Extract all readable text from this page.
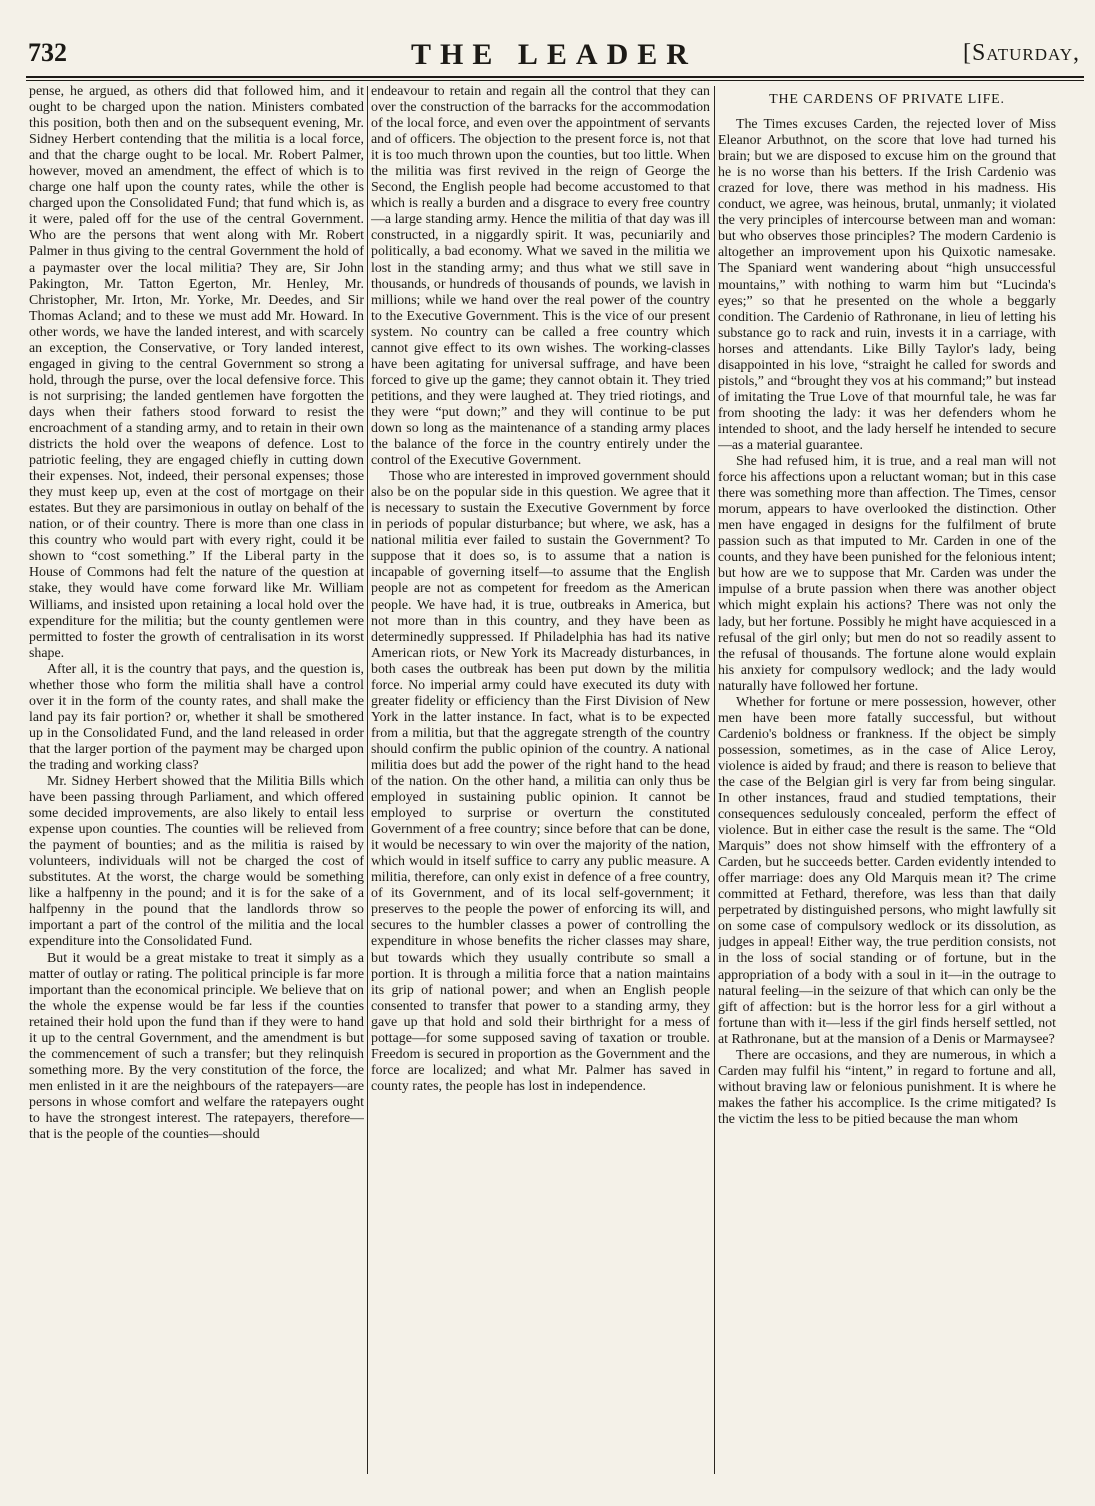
732	THE LEADER	[Saturday,

pense, he argued, as others did that followed him, and it ought to be charged upon the nation. Ministers combated this position, both then and on the subsequent evening, Mr. Sidney Herbert contending that the militia is a local force, and that the charge ought to be local. Mr. Robert Palmer, however, moved an amendment, the effect of which is to charge one half upon the county rates, while the other is charged upon the Consolidated Fund; that fund which is, as it were, paled off for the use of the central Government. Who are the persons that went along with Mr. Robert Palmer in thus giving to the central Government the hold of a paymaster over the local militia? They are, Sir John Pakington, Mr. Tatton Egerton, Mr. Henley, Mr. Christopher, Mr. Irton, Mr. Yorke, Mr. Deedes, and Sir Thomas Acland; and to these we must add Mr. Howard. In other words, we have the landed interest, and with scarcely an exception, the Conservative, or Tory landed interest, engaged in giving to the central Government so strong a hold, through the purse, over the local defensive force. This is not surprising; the landed gentlemen have forgotten the days when their fathers stood forward to resist the encroachment of a standing army, and to retain in their own districts the hold over the weapons of defence. Lost to patriotic feeling, they are engaged chiefly in cutting down their expenses. Not, indeed, their personal expenses; those they must keep up, even at the cost of mortgage on their estates. But they are parsimonious in outlay on behalf of the nation, or of their country. There is more than one class in this country who would part with every right, could it be shown to “cost something.” If the Liberal party in the House of Commons had felt the nature of the question at stake, they would have come forward like Mr. William Williams, and insisted upon retaining a local hold over the expenditure for the militia; but the county gentlemen were permitted to foster the growth of centralisation in its worst shape.

After all, it is the country that pays, and the question is, whether those who form the militia shall have a control over it in the form of the county rates, and shall make the land pay its fair portion? or, whether it shall be smothered up in the Consolidated Fund, and the land released in order that the larger portion of the payment may be charged upon the trading and working class?

Mr. Sidney Herbert showed that the Militia Bills which have been passing through Parliament, and which offered some decided improvements, are also likely to entail less expense upon counties. The counties will be relieved from the payment of bounties; and as the militia is raised by volunteers, individuals will not be charged the cost of substitutes. At the worst, the charge would be something like a halfpenny in the pound; and it is for the sake of a halfpenny in the pound that the landlords throw so important a part of the control of the militia and the local expenditure into the Consolidated Fund.

But it would be a great mistake to treat it simply as a matter of outlay or rating. The political principle is far more important than the economical principle. We believe that on the whole the expense would be far less if the counties retained their hold upon the fund than if they were to hand it up to the central Government, and the amendment is but the commencement of such a transfer; but they relinquish something more. By the very constitution of the force, the men enlisted in it are the neighbours of the ratepayers—are persons in whose comfort and welfare the ratepayers ought to have the strongest interest. The ratepayers, therefore—that is the people of the counties—should

endeavour to retain and regain all the control that they can over the construction of the barracks for the accommodation of the local force, and even over the appointment of servants and of officers. The objection to the present force is, not that it is too much thrown upon the counties, but too little. When the militia was first revived in the reign of George the Second, the English people had become accustomed to that which is really a burden and a disgrace to every free country—a large standing army. Hence the militia of that day was ill constructed, in a niggardly spirit. It was, pecuniarily and politically, a bad economy. What we saved in the militia we lost in the standing army; and thus what we still save in thousands, or hundreds of thousands of pounds, we lavish in millions; while we hand over the real power of the country to the Executive Government. This is the vice of our present system. No country can be called a free country which cannot give effect to its own wishes. The working-classes have been agitating for universal suffrage, and have been forced to give up the game; they cannot obtain it. They tried petitions, and they were laughed at. They tried riotings, and they were “put down;” and they will continue to be put down so long as the maintenance of a standing army places the balance of the force in the country entirely under the control of the Executive Government.

Those who are interested in improved government should also be on the popular side in this question. We agree that it is necessary to sustain the Executive Government by force in periods of popular disturbance; but where, we ask, has a national militia ever failed to sustain the Government? To suppose that it does so, is to assume that a nation is incapable of governing itself—to assume that the English people are not as competent for freedom as the American people. We have had, it is true, outbreaks in America, but not more than in this country, and they have been as determinedly suppressed. If Philadelphia has had its native American riots, or New York its Macready disturbances, in both cases the outbreak has been put down by the militia force. No imperial army could have executed its duty with greater fidelity or efficiency than the First Division of New York in the latter instance. In fact, what is to be expected from a militia, but that the aggregate strength of the country should confirm the public opinion of the country. A national militia does but add the power of the right hand to the head of the nation. On the other hand, a militia can only thus be employed in sustaining public opinion. It cannot be employed to surprise or overturn the constituted Government of a free country; since before that can be done, it would be necessary to win over the majority of the nation, which would in itself suffice to carry any public measure. A militia, therefore, can only exist in defence of a free country, of its Government, and of its local self-government; it preserves to the people the power of enforcing its will, and secures to the humbler classes a power of controlling the expenditure in whose benefits the richer classes may share, but towards which they usually contribute so small a portion. It is through a militia force that a nation maintains its grip of national power; and when an English people consented to transfer that power to a standing army, they gave up that hold and sold their birthright for a mess of pottage—for some supposed saving of taxation or trouble. Freedom is secured in proportion as the Government and the force are localized; and what Mr. Palmer has saved in county rates, the people has lost in independence.

THE CARDENS OF PRIVATE LIFE.

The Times excuses Carden, the rejected lover of Miss Eleanor Arbuthnot, on the score that love had turned his brain; but we are disposed to excuse him on the ground that he is no worse than his betters. If the Irish Cardenio was crazed for love, there was method in his madness. His conduct, we agree, was heinous, brutal, unmanly; it violated the very principles of intercourse between man and woman: but who observes those principles? The modern Cardenio is altogether an improvement upon his Quixotic namesake. The Spaniard went wandering about “high unsuccessful mountains,” with nothing to warm him but “Lucinda's eyes;” so that he presented on the whole a beggarly condition. The Cardenio of Rathronane, in lieu of letting his substance go to rack and ruin, invests it in a carriage, with horses and attendants. Like Billy Taylor's lady, being disappointed in his love, “straight he called for swords and pistols,” and “brought they vos at his command;” but instead of imitating the True Love of that mournful tale, he was far from shooting the lady: it was her defenders whom he intended to shoot, and the lady herself he intended to secure—as a material guarantee.

She had refused him, it is true, and a real man will not force his affections upon a reluctant woman; but in this case there was something more than affection. The Times, censor morum, appears to have overlooked the distinction. Other men have engaged in designs for the fulfilment of brute passion such as that imputed to Mr. Carden in one of the counts, and they have been punished for the felonious intent; but how are we to suppose that Mr. Carden was under the impulse of a brute passion when there was another object which might explain his actions? There was not only the lady, but her fortune. Possibly he might have acquiesced in a refusal of the girl only; but men do not so readily assent to the refusal of thousands. The fortune alone would explain his anxiety for compulsory wedlock; and the lady would naturally have followed her fortune.

Whether for fortune or mere possession, however, other men have been more fatally successful, but without Cardenio's boldness or frankness. If the object be simply possession, sometimes, as in the case of Alice Leroy, violence is aided by fraud; and there is reason to believe that the case of the Belgian girl is very far from being singular. In other instances, fraud and studied temptations, their consequences sedulously concealed, perform the effect of violence. But in either case the result is the same. The “Old Marquis” does not show himself with the effrontery of a Carden, but he succeeds better. Carden evidently intended to offer marriage: does any Old Marquis mean it? The crime committed at Fethard, therefore, was less than that daily perpetrated by distinguished persons, who might lawfully sit on some case of compulsory wedlock or its dissolution, as judges in appeal! Either way, the true perdition consists, not in the loss of social standing or of fortune, but in the appropriation of a body with a soul in it—in the outrage to natural feeling—in the seizure of that which can only be the gift of affection: but is the horror less for a girl without a fortune than with it—less if the girl finds herself settled, not at Rathronane, but at the mansion of a Denis or Marmaysee?

There are occasions, and they are numerous, in which a Carden may fulfil his “intent,” in regard to fortune and all, without braving law or felonious punishment. It is where he makes the father his accomplice. Is the crime mitigated? Is the victim the less to be pitied because the man whom
